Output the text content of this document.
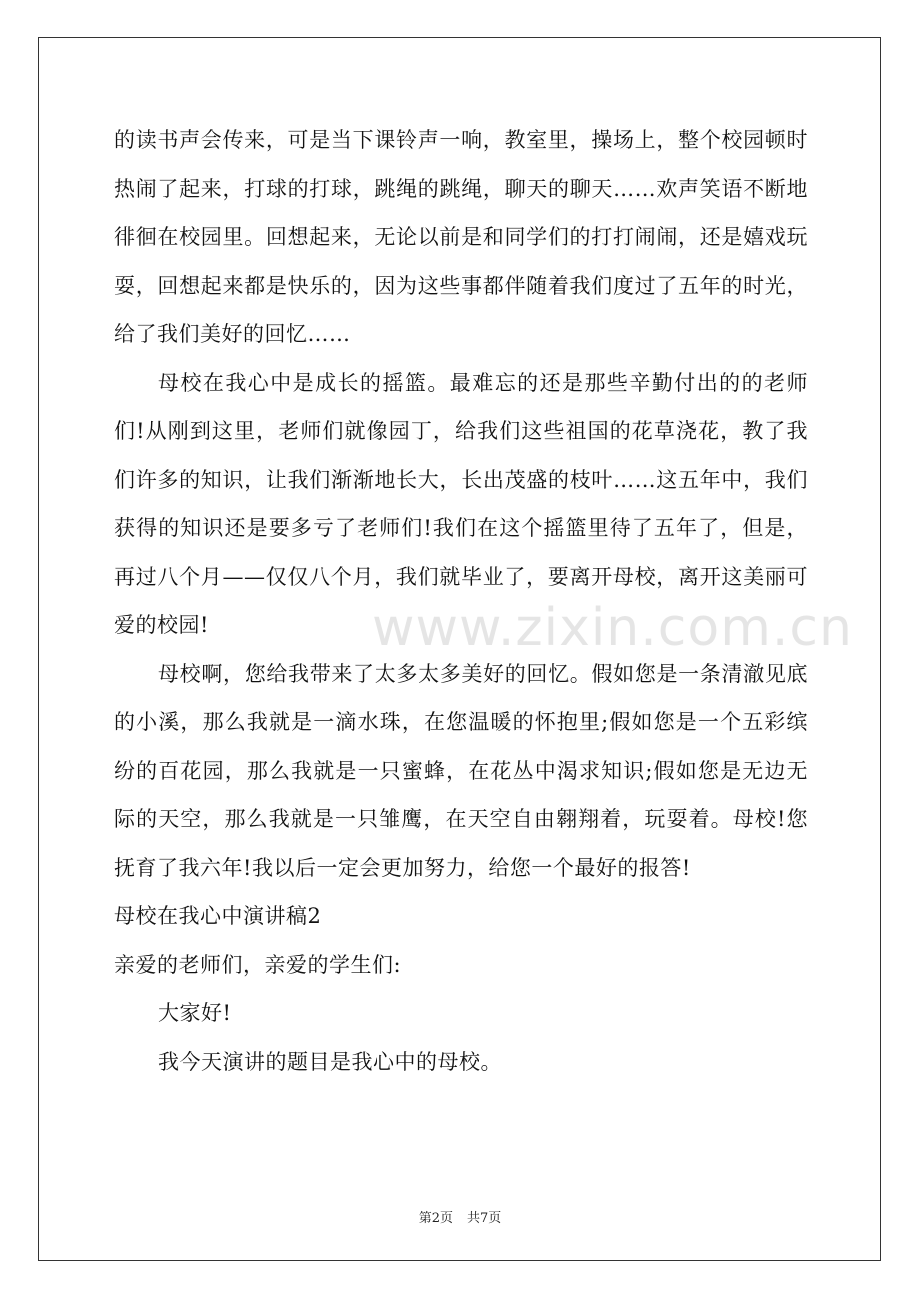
www.zixin.com.cn

的读书声会传来，可是当下课铃声一响，教室里，操场上，整个校园顿时热闹了起来，打球的打球，跳绳的跳绳，聊天的聊天……欢声笑语不断地徘徊在校园里。回想起来，无论以前是和同学们的打打闹闹，还是嬉戏玩耍，回想起来都是快乐的，因为这些事都伴随着我们度过了五年的时光，给了我们美好的回忆……

母校在我心中是成长的摇篮。最难忘的还是那些辛勤付出的的老师们!从刚到这里，老师们就像园丁，给我们这些祖国的花草浇花，教了我们许多的知识，让我们渐渐地长大，长出茂盛的枝叶……这五年中，我们获得的知识还是要多亏了老师们!我们在这个摇篮里待了五年了，但是，再过八个月——仅仅八个月，我们就毕业了，要离开母校，离开这美丽可爱的校园!

母校啊，您给我带来了太多太多美好的回忆。假如您是一条清澈见底的小溪，那么我就是一滴水珠，在您温暖的怀抱里;假如您是一个五彩缤纷的百花园，那么我就是一只蜜蜂，在花丛中渴求知识;假如您是无边无际的天空，那么我就是一只雏鹰，在天空自由翱翔着，玩耍着。母校!您抚育了我六年!我以后一定会更加努力，给您一个最好的报答!

母校在我心中演讲稿2

亲爱的老师们，亲爱的学生们:

大家好!

我今天演讲的题目是我心中的母校。

第2页 共7页
